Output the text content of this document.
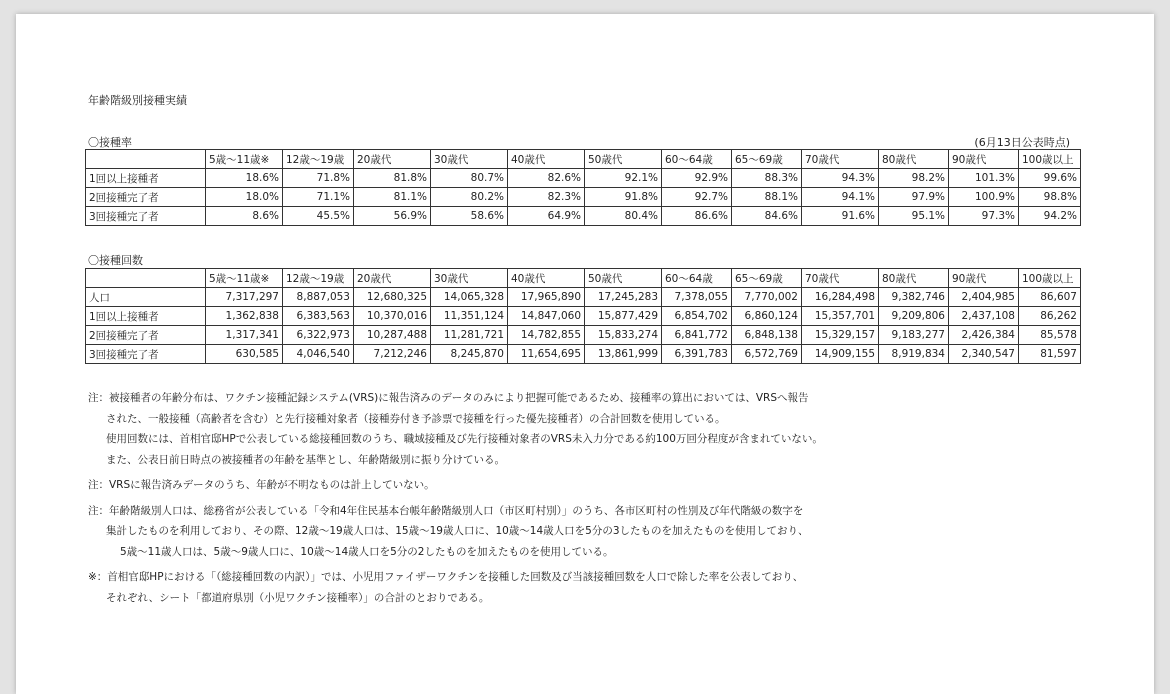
年齢階級別接種実績
〇接種率	(6月13日公表時点)
	5歳～11歳※	12歳～19歳	20歳代	30歳代	40歳代	50歳代	60～64歳	65～69歳	70歳代	80歳代	90歳代	100歳以上
1回以上接種者	18.6%	71.8%	81.8%	80.7%	82.6%	92.1%	92.9%	88.3%	94.3%	98.2%	101.3%	99.6%
2回接種完了者	18.0%	71.1%	81.1%	80.2%	82.3%	91.8%	92.7%	88.1%	94.1%	97.9%	100.9%	98.8%
3回接種完了者	8.6%	45.5%	56.9%	58.6%	64.9%	80.4%	86.6%	84.6%	91.6%	95.1%	97.3%	94.2%
〇接種回数
	5歳～11歳※	12歳～19歳	20歳代	30歳代	40歳代	50歳代	60～64歳	65～69歳	70歳代	80歳代	90歳代	100歳以上
人口	7,317,297	8,887,053	12,680,325	14,065,328	17,965,890	17,245,283	7,378,055	7,770,002	16,284,498	9,382,746	2,404,985	86,607
1回以上接種者	1,362,838	6,383,563	10,370,016	11,351,124	14,847,060	15,877,429	6,854,702	6,860,124	15,357,701	9,209,806	2,437,108	86,262
2回接種完了者	1,317,341	6,322,973	10,287,488	11,281,721	14,782,855	15,833,274	6,841,772	6,848,138	15,329,157	9,183,277	2,426,384	85,578
3回接種完了者	630,585	4,046,540	7,212,246	8,245,870	11,654,695	13,861,999	6,391,783	6,572,769	14,909,155	8,919,834	2,340,547	81,597
注：被接種者の年齢分布は、ワクチン接種記録システム(VRS)に報告済みのデータのみにより把握可能であるため、接種率の算出においては、VRSへ報告
された、一般接種（高齢者を含む）と先行接種対象者（接種券付き予診票で接種を行った優先接種者）の合計回数を使用している。
使用回数には、首相官邸HPで公表している総接種回数のうち、職域接種及び先行接種対象者のVRS未入力分である約100万回分程度が含まれていない。
また、公表日前日時点の被接種者の年齢を基準とし、年齢階級別に振り分けている。
注：VRSに報告済みデータのうち、年齢が不明なものは計上していない。
注：年齢階級別人口は、総務省が公表している「令和4年住民基本台帳年齢階級別人口（市区町村別）」のうち、各市区町村の性別及び年代階級の数字を
集計したものを利用しており、その際、12歳～19歳人口は、15歳～19歳人口に、10歳～14歳人口を5分の3したものを加えたものを使用しており、
5歳～11歳人口は、5歳～9歳人口に、10歳～14歳人口を5分の2したものを加えたものを使用している。
※：首相官邸HPにおける「（総接種回数の内訳）」では、小児用ファイザーワクチンを接種した回数及び当該接種回数を人口で除した率を公表しており、
それぞれ、シート「都道府県別（小児ワクチン接種率）」の合計のとおりである。
